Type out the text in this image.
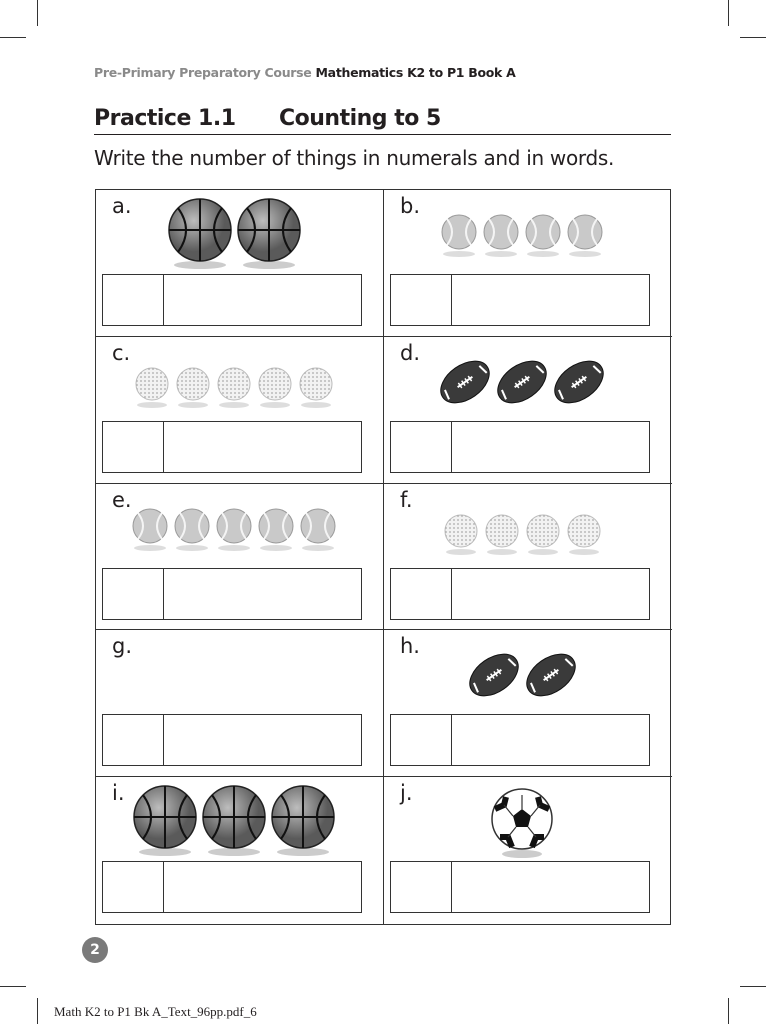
Pre-Primary Preparatory Course Mathematics K2 to P1 Book A
Practice 1.1 Counting to 5
Write the number of things in numerals and in words.
a.	b.
c.	d.
e.	f.
g.	h.
i.	j.
2
Math K2 to P1 Bk A_Text_96pp.pdf_6
